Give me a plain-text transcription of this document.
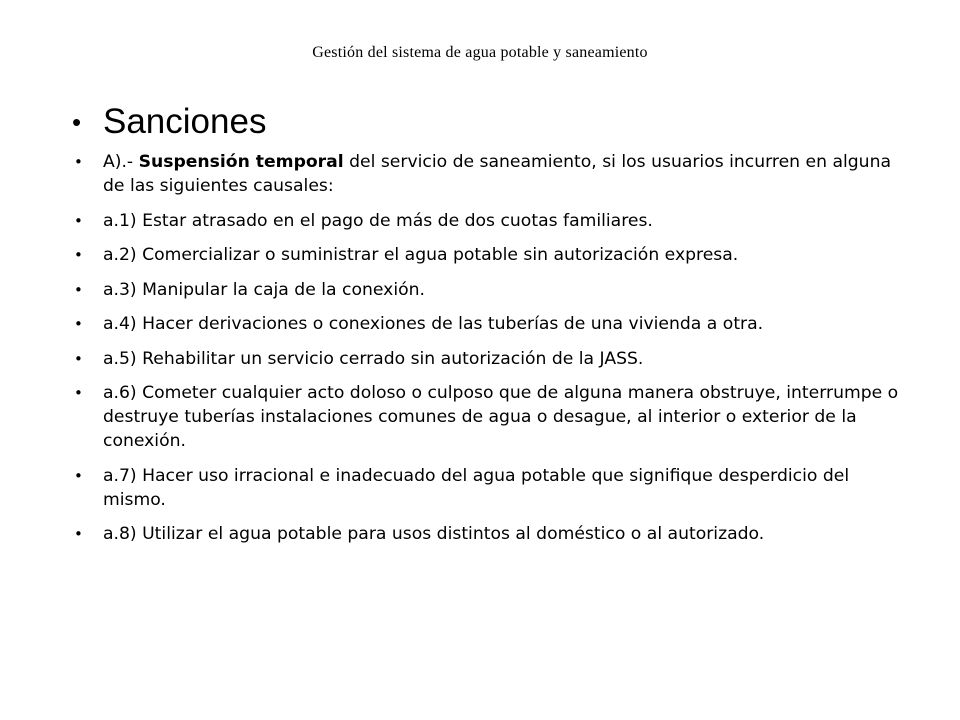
Gestión del sistema de agua potable y saneamiento
• Sanciones
• A).- Suspensión temporal del servicio de saneamiento, si los usuarios incurren en alguna de las siguientes causales:
• a.1) Estar atrasado en el pago de más de dos cuotas familiares.
• a.2) Comercializar o suministrar el agua potable sin autorización expresa.
• a.3) Manipular la caja de la conexión.
• a.4) Hacer derivaciones o conexiones de las tuberías de una vivienda a otra.
• a.5) Rehabilitar un servicio cerrado sin autorización de la JASS.
• a.6) Cometer cualquier acto doloso o culposo que de alguna manera obstruye, interrumpe o destruye tuberías instalaciones comunes de agua o desague, al interior o exterior de la conexión.
• a.7) Hacer uso irracional e inadecuado del agua potable que signifique desperdicio del mismo.
• a.8) Utilizar el agua potable para usos distintos al doméstico o al autorizado.
